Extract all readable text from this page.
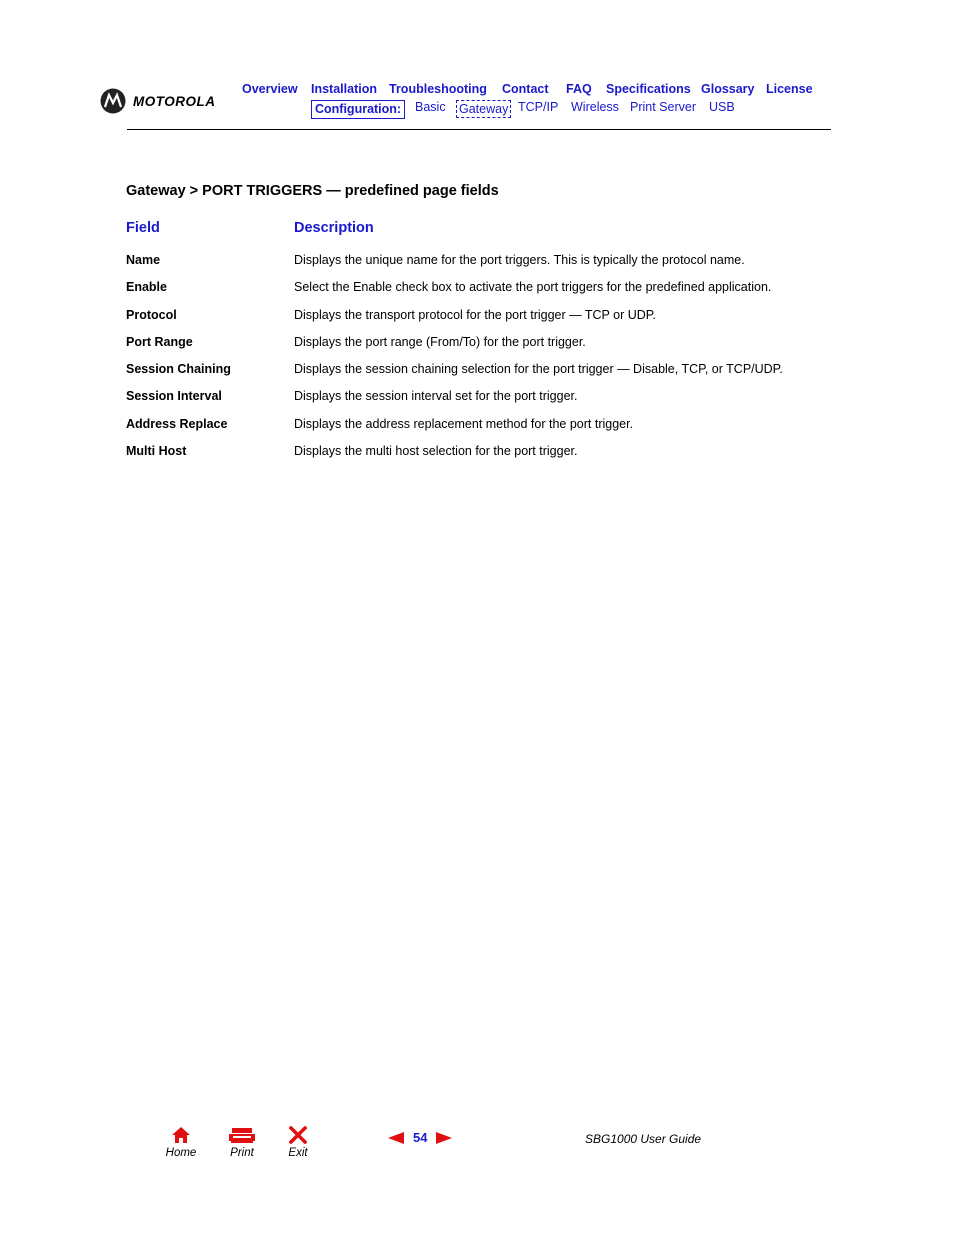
MOTOROLA
Overview Installation Troubleshooting Contact FAQ Specifications Glossary License
Configuration:	Basic Gateway TCP/IP Wireless Print Server USB
Gateway > PORT TRIGGERS — predefined page fields
Field	Description
Name	Displays the unique name for the port triggers. This is typically the protocol name.
Enable	Select the Enable check box to activate the port triggers for the predefined application.
Protocol	Displays the transport protocol for the port trigger — TCP or UDP.
Port Range	Displays the port range (From/To) for the port trigger.
Session Chaining	Displays the session chaining selection for the port trigger — Disable, TCP, or TCP/UDP.
Session Interval	Displays the session interval set for the port trigger.
Address Replace	Displays the address replacement method for the port trigger.
Multi Host	Displays the multi host selection for the port trigger.
Home	Print	Exit
54	SBG1000 User Guide
